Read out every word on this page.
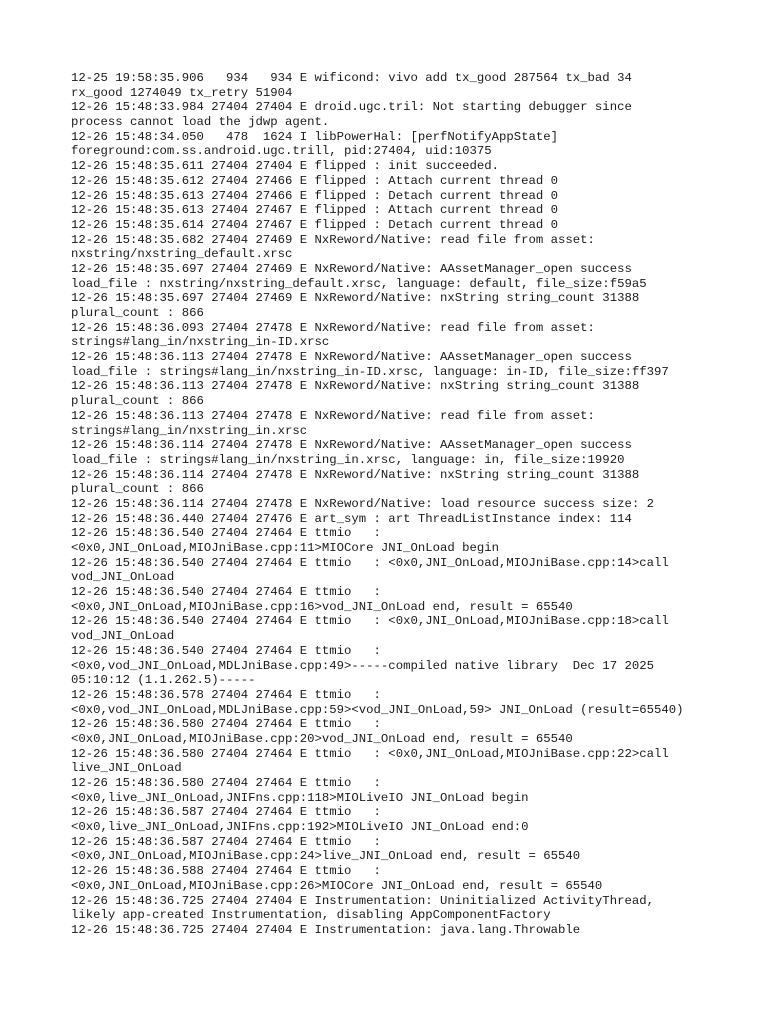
12-25 19:58:35.906   934   934 E wificond: vivo add tx_good 287564 tx_bad 34
rx_good 1274049 tx_retry 51904
12-26 15:48:33.984 27404 27404 E droid.ugc.tril: Not starting debugger since
process cannot load the jdwp agent.
12-26 15:48:34.050   478  1624 I libPowerHal: [perfNotifyAppState]
foreground:com.ss.android.ugc.trill, pid:27404, uid:10375
12-26 15:48:35.611 27404 27404 E flipped : init succeeded.
12-26 15:48:35.612 27404 27466 E flipped : Attach current thread 0
12-26 15:48:35.613 27404 27466 E flipped : Detach current thread 0
12-26 15:48:35.613 27404 27467 E flipped : Attach current thread 0
12-26 15:48:35.614 27404 27467 E flipped : Detach current thread 0
12-26 15:48:35.682 27404 27469 E NxReword/Native: read file from asset:
nxstring/nxstring_default.xrsc
12-26 15:48:35.697 27404 27469 E NxReword/Native: AAssetManager_open success
load_file : nxstring/nxstring_default.xrsc, language: default, file_size:f59a5
12-26 15:48:35.697 27404 27469 E NxReword/Native: nxString string_count 31388
plural_count : 866
12-26 15:48:36.093 27404 27478 E NxReword/Native: read file from asset:
strings#lang_in/nxstring_in-ID.xrsc
12-26 15:48:36.113 27404 27478 E NxReword/Native: AAssetManager_open success
load_file : strings#lang_in/nxstring_in-ID.xrsc, language: in-ID, file_size:ff397
12-26 15:48:36.113 27404 27478 E NxReword/Native: nxString string_count 31388
plural_count : 866
12-26 15:48:36.113 27404 27478 E NxReword/Native: read file from asset:
strings#lang_in/nxstring_in.xrsc
12-26 15:48:36.114 27404 27478 E NxReword/Native: AAssetManager_open success
load_file : strings#lang_in/nxstring_in.xrsc, language: in, file_size:19920
12-26 15:48:36.114 27404 27478 E NxReword/Native: nxString string_count 31388
plural_count : 866
12-26 15:48:36.114 27404 27478 E NxReword/Native: load resource success size: 2
12-26 15:48:36.440 27404 27476 E art_sym : art ThreadListInstance index: 114
12-26 15:48:36.540 27404 27464 E ttmio   :
<0x0,JNI_OnLoad,MIOJniBase.cpp:11>MIOCore JNI_OnLoad begin
12-26 15:48:36.540 27404 27464 E ttmio   : <0x0,JNI_OnLoad,MIOJniBase.cpp:14>call
vod_JNI_OnLoad
12-26 15:48:36.540 27404 27464 E ttmio   :
<0x0,JNI_OnLoad,MIOJniBase.cpp:16>vod_JNI_OnLoad end, result = 65540
12-26 15:48:36.540 27404 27464 E ttmio   : <0x0,JNI_OnLoad,MIOJniBase.cpp:18>call
vod_JNI_OnLoad
12-26 15:48:36.540 27404 27464 E ttmio   :
<0x0,vod_JNI_OnLoad,MDLJniBase.cpp:49>-----compiled native library  Dec 17 2025
05:10:12 (1.1.262.5)-----
12-26 15:48:36.578 27404 27464 E ttmio   :
<0x0,vod_JNI_OnLoad,MDLJniBase.cpp:59><vod_JNI_OnLoad,59> JNI_OnLoad (result=65540)
12-26 15:48:36.580 27404 27464 E ttmio   :
<0x0,JNI_OnLoad,MIOJniBase.cpp:20>vod_JNI_OnLoad end, result = 65540
12-26 15:48:36.580 27404 27464 E ttmio   : <0x0,JNI_OnLoad,MIOJniBase.cpp:22>call
live_JNI_OnLoad
12-26 15:48:36.580 27404 27464 E ttmio   :
<0x0,live_JNI_OnLoad,JNIFns.cpp:118>MIOLiveIO JNI_OnLoad begin
12-26 15:48:36.587 27404 27464 E ttmio   :
<0x0,live_JNI_OnLoad,JNIFns.cpp:192>MIOLiveIO JNI_OnLoad end:0
12-26 15:48:36.587 27404 27464 E ttmio   :
<0x0,JNI_OnLoad,MIOJniBase.cpp:24>live_JNI_OnLoad end, result = 65540
12-26 15:48:36.588 27404 27464 E ttmio   :
<0x0,JNI_OnLoad,MIOJniBase.cpp:26>MIOCore JNI_OnLoad end, result = 65540
12-26 15:48:36.725 27404 27404 E Instrumentation: Uninitialized ActivityThread,
likely app-created Instrumentation, disabling AppComponentFactory
12-26 15:48:36.725 27404 27404 E Instrumentation: java.lang.Throwable
